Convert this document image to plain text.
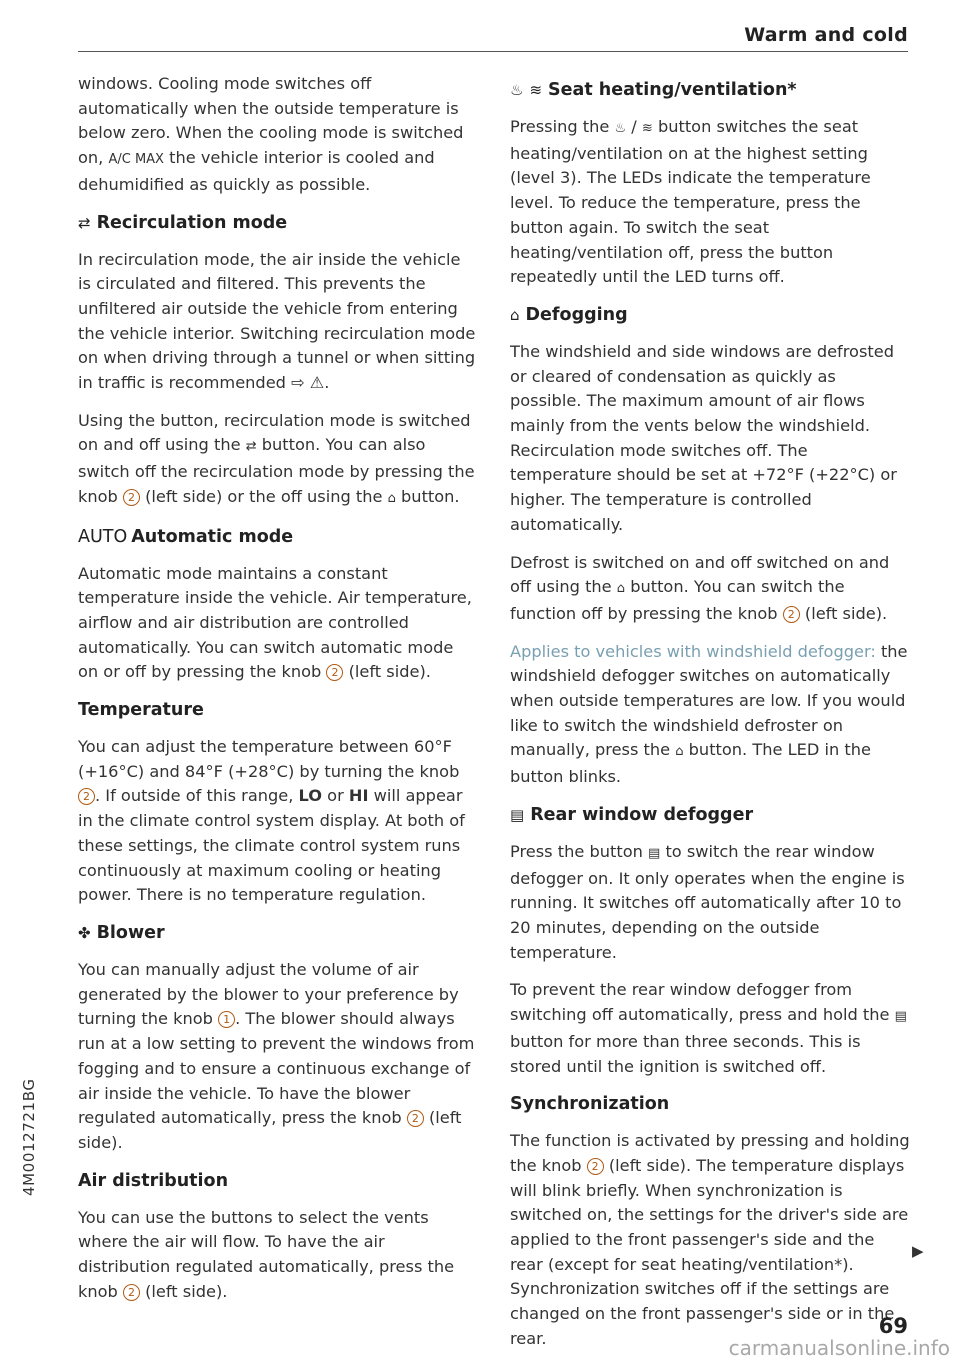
Warm and cold

windows. Cooling mode switches off automatically when the outside temperature is below zero. When the cooling mode is switched on, A/C MAX the vehicle interior is cooled and dehumidified as quickly as possible.

⇄ Recirculation mode

In recirculation mode, the air inside the vehicle is circulated and filtered. This prevents the unfiltered air outside the vehicle from entering the vehicle interior. Switching recirculation mode on when driving through a tunnel or when sitting in traffic is recommended ⇨ ⚠.

Using the button, recirculation mode is switched on and off using the ⇄ button. You can also switch off the recirculation mode by pressing the knob 2 (left side) or the off using the ⌂ button.

AUTO Automatic mode

Automatic mode maintains a constant temperature inside the vehicle. Air temperature, airflow and air distribution are controlled automatically. You can switch automatic mode on or off by pressing the knob 2 (left side).

Temperature

You can adjust the temperature between 60°F (+16°C) and 84°F (+28°C) by turning the knob 2 . If outside of this range, LO or HI will appear in the climate control system display. At both of these settings, the climate control system runs continuously at maximum cooling or heating power. There is no temperature regulation.

✤ Blower

You can manually adjust the volume of air generated by the blower to your preference by turning the knob 1 . The blower should always run at a low setting to prevent the windows from fogging and to ensure a continuous exchange of air inside the vehicle. To have the blower regulated automatically, press the knob 2 (left side).

Air distribution

You can use the buttons to select the vents where the air will flow. To have the air distribution regulated automatically, press the knob 2 (left side).

♨ ≋ Seat heating/ventilation*

Pressing the ♨ / ≋ button switches the seat heating/ventilation on at the highest setting (level 3). The LEDs indicate the temperature level. To reduce the temperature, press the button again. To switch the seat heating/ventilation off, press the button repeatedly until the LED turns off.

⌂ Defogging

The windshield and side windows are defrosted or cleared of condensation as quickly as possible. The maximum amount of air flows mainly from the vents below the windshield. Recirculation mode switches off. The temperature should be set at +72°F (+22°C) or higher. The temperature is controlled automatically.

Defrost is switched on and off switched on and off using the ⌂ button. You can switch the function off by pressing the knob 2 (left side).

Applies to vehicles with windshield defogger: the windshield defogger switches on automatically when outside temperatures are low. If you would like to switch the windshield defroster on manually, press the ⌂ button. The LED in the button blinks.

▤ Rear window defogger

Press the button ▤ to switch the rear window defogger on. It only operates when the engine is running. It switches off automatically after 10 to 20 minutes, depending on the outside temperature.

To prevent the rear window defogger from switching off automatically, press and hold the ▤ button for more than three seconds. This is stored until the ignition is switched off.

Synchronization

The function is activated by pressing and holding the knob 2 (left side). The temperature displays will blink briefly. When synchronization is switched on, the settings for the driver's side are applied to the front passenger's side and the rear (except for seat heating/ventilation*). Synchronization switches off if the settings are changed on the front passenger's side or in the rear.

▶
4M0012721BG
69
carmanualsonline.info
